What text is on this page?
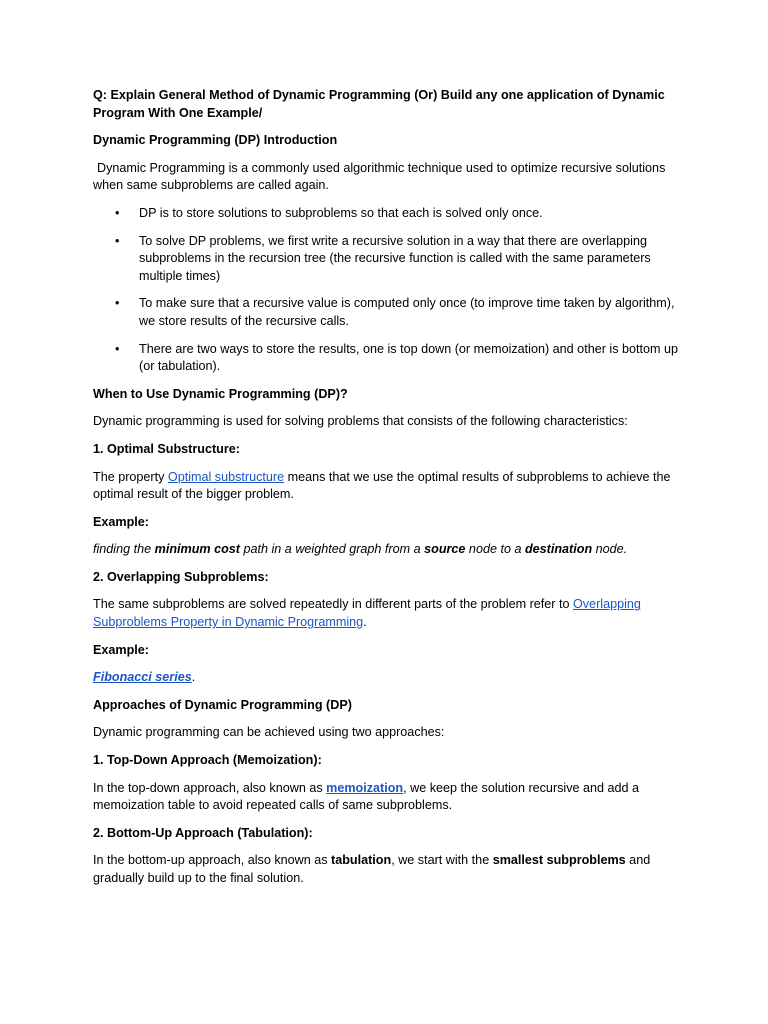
Q: Explain General Method of Dynamic Programming (Or) Build any one application of Dynamic Program With One Example/

Dynamic Programming (DP) Introduction

Dynamic Programming is a commonly used algorithmic technique used to optimize recursive solutions when same subproblems are called again.

• DP is to store solutions to subproblems so that each is solved only once.
• To solve DP problems, we first write a recursive solution in a way that there are overlapping subproblems in the recursion tree (the recursive function is called with the same parameters multiple times)
• To make sure that a recursive value is computed only once (to improve time taken by algorithm), we store results of the recursive calls.
• There are two ways to store the results, one is top down (or memoization) and other is bottom up (or tabulation).

When to Use Dynamic Programming (DP)?

Dynamic programming is used for solving problems that consists of the following characteristics:

1. Optimal Substructure:

The property Optimal substructure means that we use the optimal results of subproblems to achieve the optimal result of the bigger problem.

Example:

finding the minimum cost path in a weighted graph from a source node to a destination node.

2. Overlapping Subproblems:

The same subproblems are solved repeatedly in different parts of the problem refer to Overlapping Subproblems Property in Dynamic Programming.

Example:

Fibonacci series.

Approaches of Dynamic Programming (DP)

Dynamic programming can be achieved using two approaches:

1. Top-Down Approach (Memoization):

In the top-down approach, also known as memoization, we keep the solution recursive and add a memoization table to avoid repeated calls of same subproblems.

2. Bottom-Up Approach (Tabulation):

In the bottom-up approach, also known as tabulation, we start with the smallest subproblems and gradually build up to the final solution.
